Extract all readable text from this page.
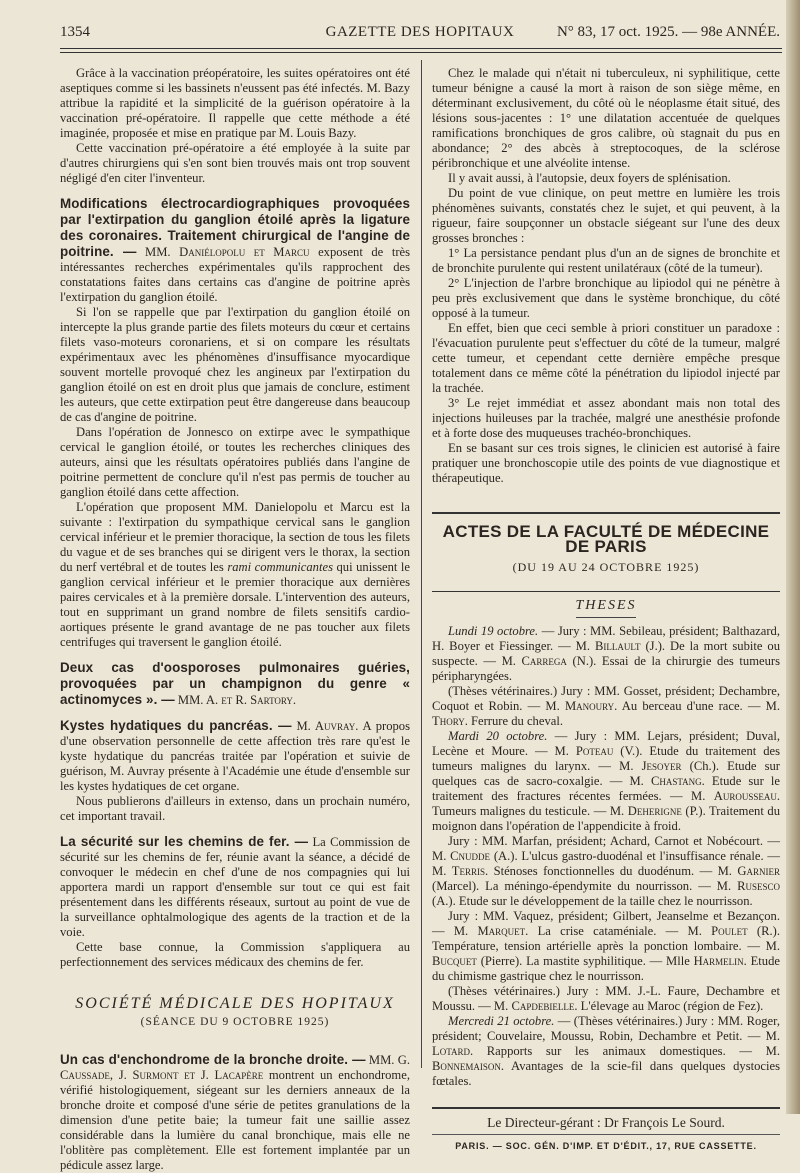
1354	GAZETTE DES HOPITAUX	N° 83, 17 oct. 1925. — 98e ANNÉE.

Grâce à la vaccination préopératoire, les suites opératoires ont été aseptiques comme si les bassinets n'eussent pas été infectés. M. Bazy attribue la rapidité et la simplicité de la guérison opératoire à la vaccination pré-opératoire. Il rappelle que cette méthode a été imaginée, proposée et mise en pratique par M. Louis Bazy.

Cette vaccination pré-opératoire a été employée à la suite par d'autres chirurgiens qui s'en sont bien trouvés mais ont trop souvent négligé d'en citer l'inventeur.

Modifications électrocardiographiques provoquées par l'extirpation du ganglion étoilé après la ligature des coronaires. Traitement chirurgical de l'angine de poitrine. — MM. Daniélopolu et Marcu exposent de très intéressantes recherches expérimentales qu'ils rapprochent des constatations faites dans certains cas d'angine de poitrine après l'extirpation du ganglion étoilé.

Si l'on se rappelle que par l'extirpation du ganglion étoilé on intercepte la plus grande partie des filets moteurs du cœur et certains filets vaso-moteurs coronariens, et si on compare les résultats expérimentaux avec les phénomènes d'insuffisance myocardique souvent mortelle provoqué chez les angineux par l'extirpation du ganglion étoilé on est en droit plus que jamais de conclure, estiment les auteurs, que cette extirpation peut être dangereuse dans beaucoup de cas d'angine de poitrine.

Dans l'opération de Jonnesco on extirpe avec le sympathique cervical le ganglion étoilé, or toutes les recherches cliniques des auteurs, ainsi que les résultats opératoires publiés dans l'angine de poitrine permettent de conclure qu'il n'est pas permis de toucher au ganglion étoilé dans cette affection.

L'opération que proposent MM. Danielopolu et Marcu est la suivante : l'extirpation du sympathique cervical sans le ganglion cervical inférieur et le premier thoracique, la section de tous les filets du vague et de ses branches qui se dirigent vers le thorax, la section du nerf vertébral et de toutes les rami communicantes qui unissent le ganglion cervical inférieur et le premier thoracique aux dernières paires cervicales et à la première dorsale. L'intervention des auteurs, tout en supprimant un grand nombre de filets sensitifs cardio-aortiques présente le grand avantage de ne pas toucher aux filets centrifuges qui traversent le ganglion étoilé.

Deux cas d'oosporoses pulmonaires guéries, provoquées par un champignon du genre « actinomyces ». — MM. A. et R. Sartory.

Kystes hydatiques du pancréas. — M. Auvray. A propos d'une observation personnelle de cette affection très rare qu'est le kyste hydatique du pancréas traitée par l'opération et suivie de guérison, M. Auvray présente à l'Académie une étude d'ensemble sur les kystes hydatiques de cet organe.

Nous publierons d'ailleurs in extenso, dans un prochain numéro, cet important travail.

La sécurité sur les chemins de fer. — La Commission de sécurité sur les chemins de fer, réunie avant la séance, a décidé de convoquer le médecin en chef d'une de nos compagnies qui lui apportera mardi un rapport d'ensemble sur tout ce qui est fait présentement dans les différents réseaux, surtout au point de vue de la surveillance ophtalmologique des agents de la traction et de la voie.

Cette base connue, la Commission s'appliquera au perfectionnement des services médicaux des chemins de fer.

SOCIÉTÉ MÉDICALE DES HOPITAUX
(SÉANCE DU 9 OCTOBRE 1925)

Un cas d'enchondrome de la bronche droite. — MM. G. Caussade, J. Surmont et J. Lacapère montrent un enchondrome, vérifié histologiquement, siégeant sur les derniers anneaux de la bronche droite et composé d'une série de petites granulations de la dimension d'une petite baie; la tumeur fait une saillie assez considérable dans la lumière du canal bronchique, mais elle ne l'oblitère pas complètement. Elle est fortement implantée par un pédicule assez large.

Chez le malade qui n'était ni tuberculeux, ni syphilitique, cette tumeur bénigne a causé la mort à raison de son siège même, en déterminant exclusivement, du côté où le néoplasme était situé, des lésions sous-jacentes : 1° une dilatation accentuée de quelques ramifications bronchiques de gros calibre, où stagnait du pus en abondance; 2° des abcès à streptocoques, de la sclérose péribronchique et une alvéolite intense.

Il y avait aussi, à l'autopsie, deux foyers de splénisation.

Du point de vue clinique, on peut mettre en lumière les trois phénomènes suivants, constatés chez le sujet, et qui peuvent, à la rigueur, faire soupçonner un obstacle siégeant sur l'une des deux grosses bronches :

1° La persistance pendant plus d'un an de signes de bronchite et de bronchite purulente qui restent unilatéraux (côté de la tumeur).

2° L'injection de l'arbre bronchique au lipiodol qui ne pénètre à peu près exclusivement que dans le système bronchique, du côté opposé à la tumeur.

En effet, bien que ceci semble à priori constituer un paradoxe : l'évacuation purulente peut s'effectuer du côté de la tumeur, malgré cette tumeur, et cependant cette dernière empêche presque totalement dans ce même côté la pénétration du lipiodol injecté par la trachée.

3° Le rejet immédiat et assez abondant mais non total des injections huileuses par la trachée, malgré une anesthésie profonde et à forte dose des muqueuses trachéo-bronchiques.

En se basant sur ces trois signes, le clinicien est autorisé à faire pratiquer une bronchoscopie utile des points de vue diagnostique et thérapeutique.

ACTES DE LA FACULTÉ DE MÉDECINE DE PARIS
(DU 19 AU 24 OCTOBRE 1925)
THESES

Lundi 19 octobre. — Jury : MM. Sebileau, président; Balthazard, H. Boyer et Fiessinger. — M. Billault (J.). De la mort subite ou suspecte. — M. Carrega (N.). Essai de la chirurgie des tumeurs péripharyngées.

(Thèses vétérinaires.) Jury : MM. Gosset, président; Dechambre, Coquot et Robin. — M. Manoury. Au berceau d'une race. — M. Thory. Ferrure du cheval.

Mardi 20 octobre. — Jury : MM. Lejars, président; Duval, Lecène et Moure. — M. Poteau (V.). Etude du traitement des tumeurs malignes du larynx. — M. Jesoyer (Ch.). Etude sur quelques cas de sacro-coxalgie. — M. Chastang. Etude sur le traitement des fractures récentes fermées. — M. Aurousseau. Tumeurs malignes du testicule. — M. Deherigne (P.). Traitement du moignon dans l'opération de l'appendicite à froid.

Jury : MM. Marfan, président; Achard, Carnot et Nobécourt. — M. Cnudde (A.). L'ulcus gastro-duodénal et l'insuffisance rénale. — M. Terris. Sténoses fonctionnelles du duodénum. — M. Garnier (Marcel). La méningo-épendymite du nourrisson. — M. Rusesco (A.). Etude sur le développement de la taille chez le nourrisson.

Jury : MM. Vaquez, président; Gilbert, Jeanselme et Bezançon. — M. Marquet. La crise cataméniale. — M. Poulet (R.). Température, tension artérielle après la ponction lombaire. — M. Bucquet (Pierre). La mastite syphilitique. — Mlle Harmelin. Etude du chimisme gastrique chez le nourrisson.

(Thèses vétérinaires.) Jury : MM. J.-L. Faure, Dechambre et Moussu. — M. Capdebielle. L'élevage au Maroc (région de Fez).

Mercredi 21 octobre. — (Thèses vétérinaires.) Jury : MM. Roger, président; Couvelaire, Moussu, Robin, Dechambre et Petit. — M. Lotard. Rapports sur les animaux domestiques. — M. Bonnemaison. Avantages de la scie-fil dans quelques dystocies fœtales.

Le Directeur-gérant : Dr François Le Sourd.
PARIS. — SOC. GÉN. D'IMP. ET D'ÉDIT., 17, RUE CASSETTE.
